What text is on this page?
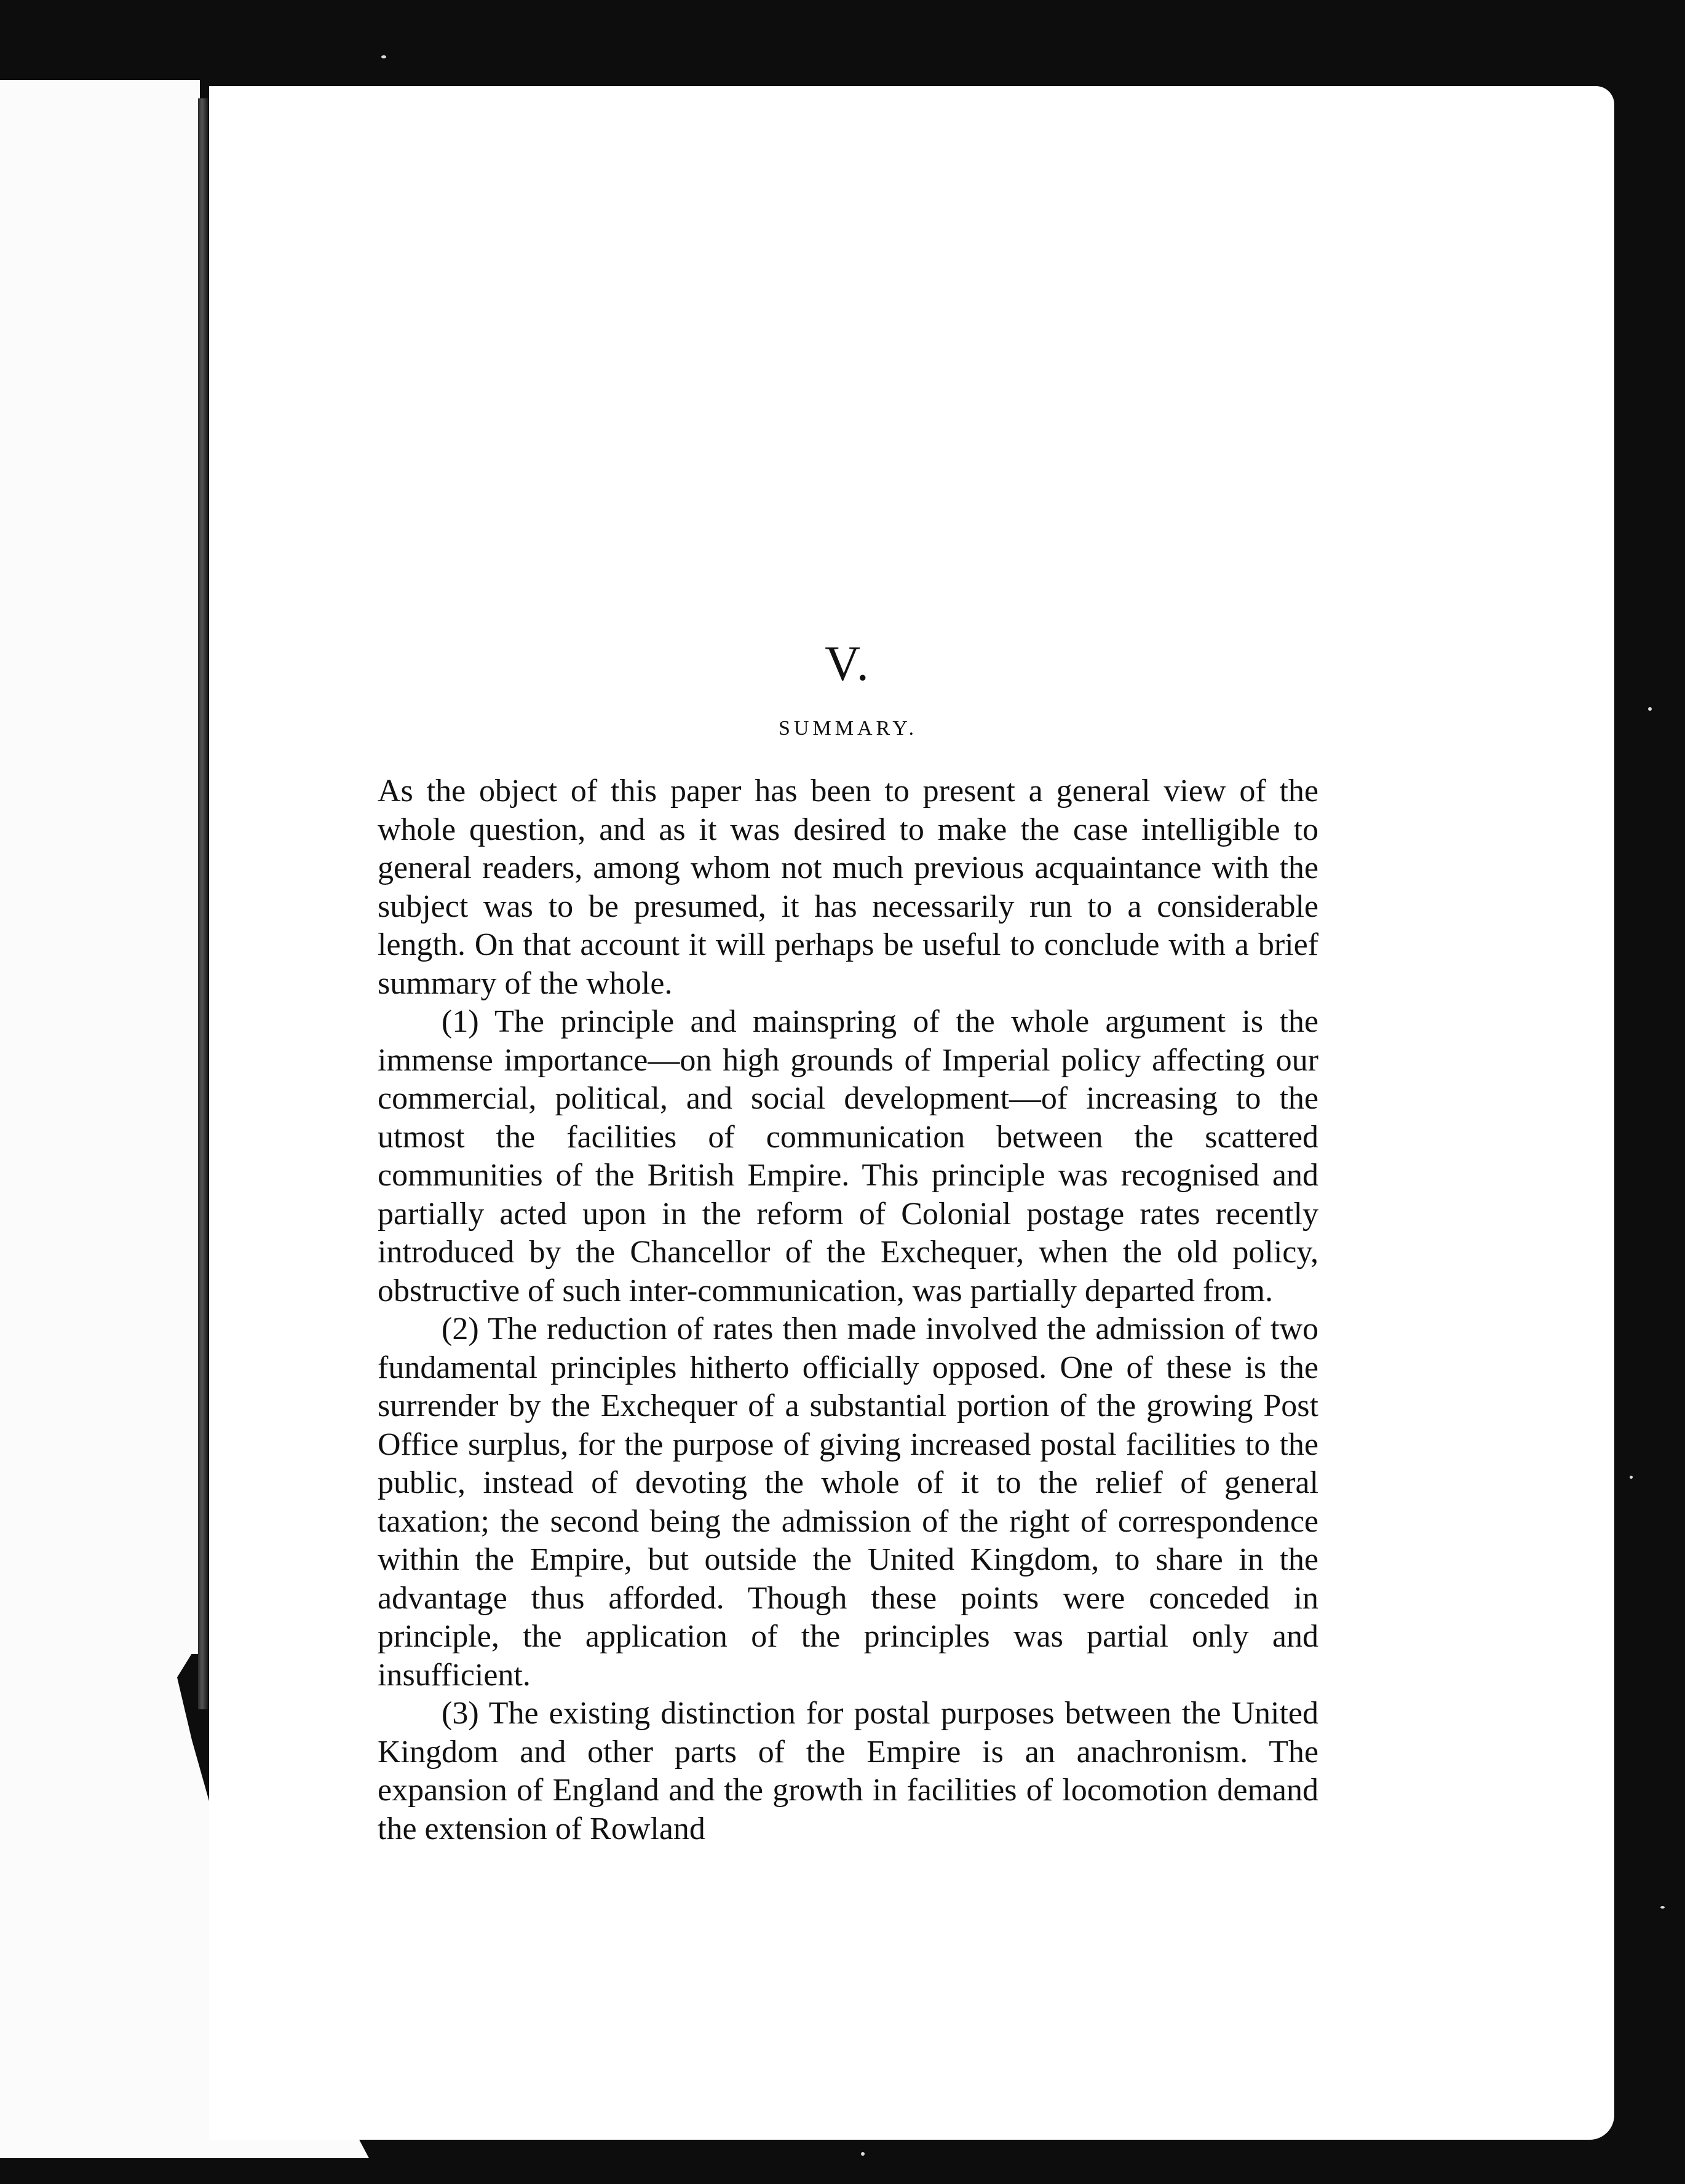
V.
SUMMARY.

As the object of this paper has been to present a general view of the whole question, and as it was desired to make the case intelligible to general readers, among whom not much previous acquaintance with the subject was to be presumed, it has necessarily run to a considerable length. On that account it will perhaps be useful to conclude with a brief summary of the whole.

(1) The principle and mainspring of the whole argument is the immense importance—on high grounds of Imperial policy affecting our commercial, political, and social development—of increasing to the utmost the facilities of communication between the scattered communities of the British Empire. This principle was recognised and partially acted upon in the reform of Colonial postage rates recently introduced by the Chancellor of the Exchequer, when the old policy, obstructive of such inter-communication, was partially departed from.

(2) The reduction of rates then made involved the admission of two fundamental principles hitherto officially opposed. One of these is the surrender by the Exchequer of a substantial portion of the growing Post Office surplus, for the purpose of giving increased postal facilities to the public, instead of devoting the whole of it to the relief of general taxation; the second being the admission of the right of correspondence within the Empire, but outside the United Kingdom, to share in the advantage thus afforded. Though these points were conceded in principle, the application of the principles was partial only and insufficient.

(3) The existing distinction for postal purposes between the United Kingdom and other parts of the Empire is an anachronism. The expansion of England and the growth in facilities of locomotion demand the extension of Rowland
